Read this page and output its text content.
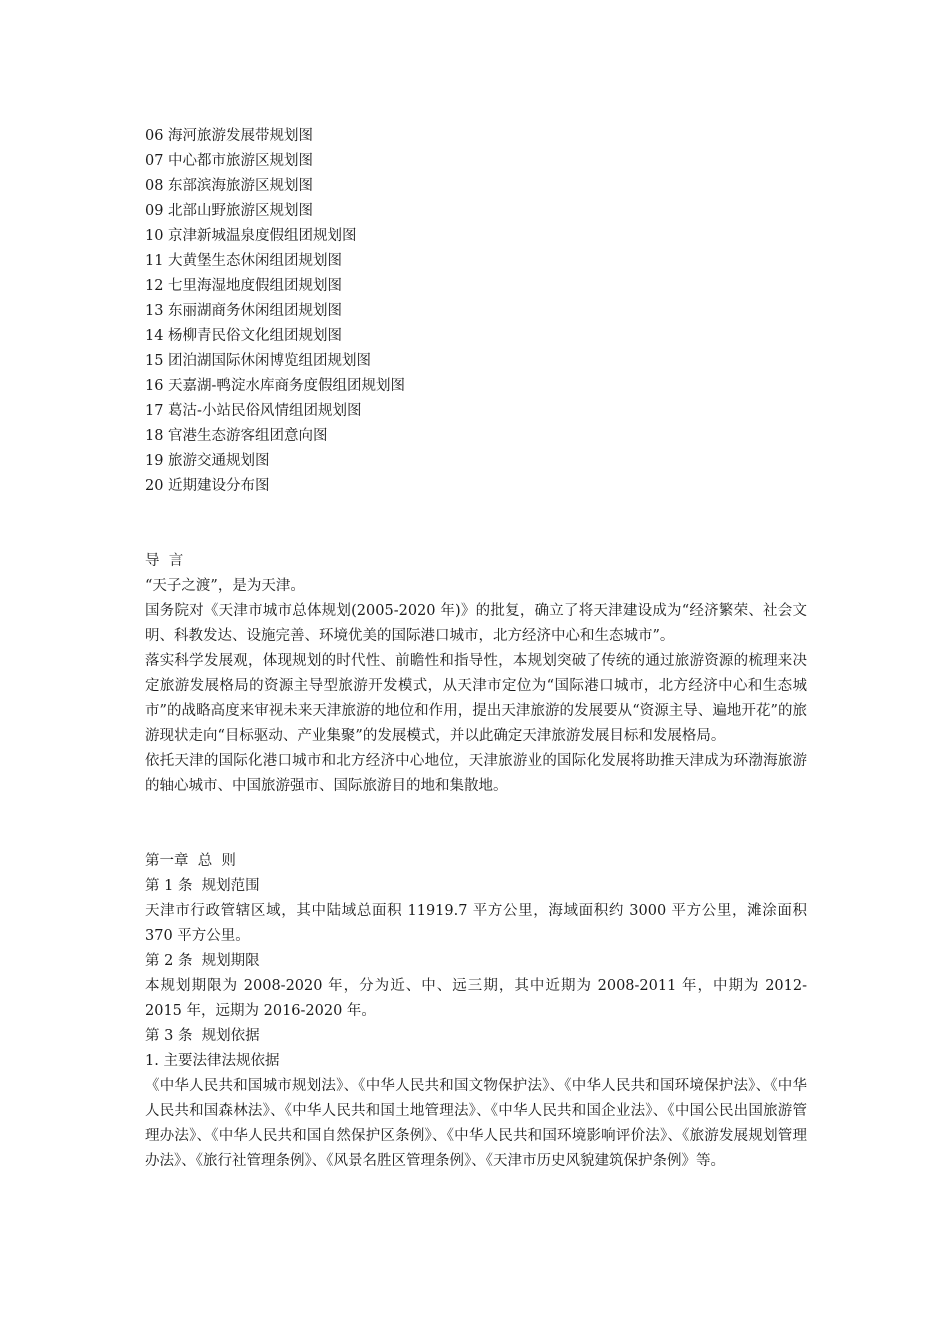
06 海河旅游发展带规划图
07 中心都市旅游区规划图
08 东部滨海旅游区规划图
09 北部山野旅游区规划图
10 京津新城温泉度假组团规划图
11 大黄堡生态休闲组团规划图
12 七里海湿地度假组团规划图
13 东丽湖商务休闲组团规划图
14 杨柳青民俗文化组团规划图
15 团泊湖国际休闲博览组团规划图
16 天嘉湖-鸭淀水库商务度假组团规划图
17 葛沽-小站民俗风情组团规划图
18 官港生态游客组团意向图
19 旅游交通规划图
20 近期建设分布图
导  言
“天子之渡”，是为天津。
国务院对《天津市城市总体规划(2005-2020 年)》的批复，确立了将天津建设成为“经济繁荣、社会文明、科教发达、设施完善、环境优美的国际港口城市，北方经济中心和生态城市”。
落实科学发展观，体现规划的时代性、前瞻性和指导性，本规划突破了传统的通过旅游资源的梳理来决定旅游发展格局的资源主导型旅游开发模式，从天津市定位为“国际港口城市，北方经济中心和生态城市”的战略高度来审视未来天津旅游的地位和作用，提出天津旅游的发展要从“资源主导、遍地开花”的旅游现状走向“目标驱动、产业集聚”的发展模式，并以此确定天津旅游发展目标和发展格局。
依托天津的国际化港口城市和北方经济中心地位，天津旅游业的国际化发展将助推天津成为环渤海旅游的轴心城市、中国旅游强市、国际旅游目的地和集散地。
第一章  总  则
第 1 条  规划范围
天津市行政管辖区域，其中陆域总面积 11919.7 平方公里，海域面积约 3000 平方公里，滩涂面积 370 平方公里。
第 2 条  规划期限
本规划期限为 2008-2020 年，分为近、中、远三期，其中近期为 2008-2011 年，中期为 2012-2015 年，远期为 2016-2020 年。
第 3 条  规划依据
1. 主要法律法规依据
《中华人民共和国城市规划法》、《中华人民共和国文物保护法》、《中华人民共和国环境保护法》、《中华人民共和国森林法》、《中华人民共和国土地管理法》、《中华人民共和国企业法》、《中国公民出国旅游管理办法》、《中华人民共和国自然保护区条例》、《中华人民共和国环境影响评价法》、《旅游发展规划管理办法》、《旅行社管理条例》、《风景名胜区管理条例》、《天津市历史风貌建筑保护条例》等。
